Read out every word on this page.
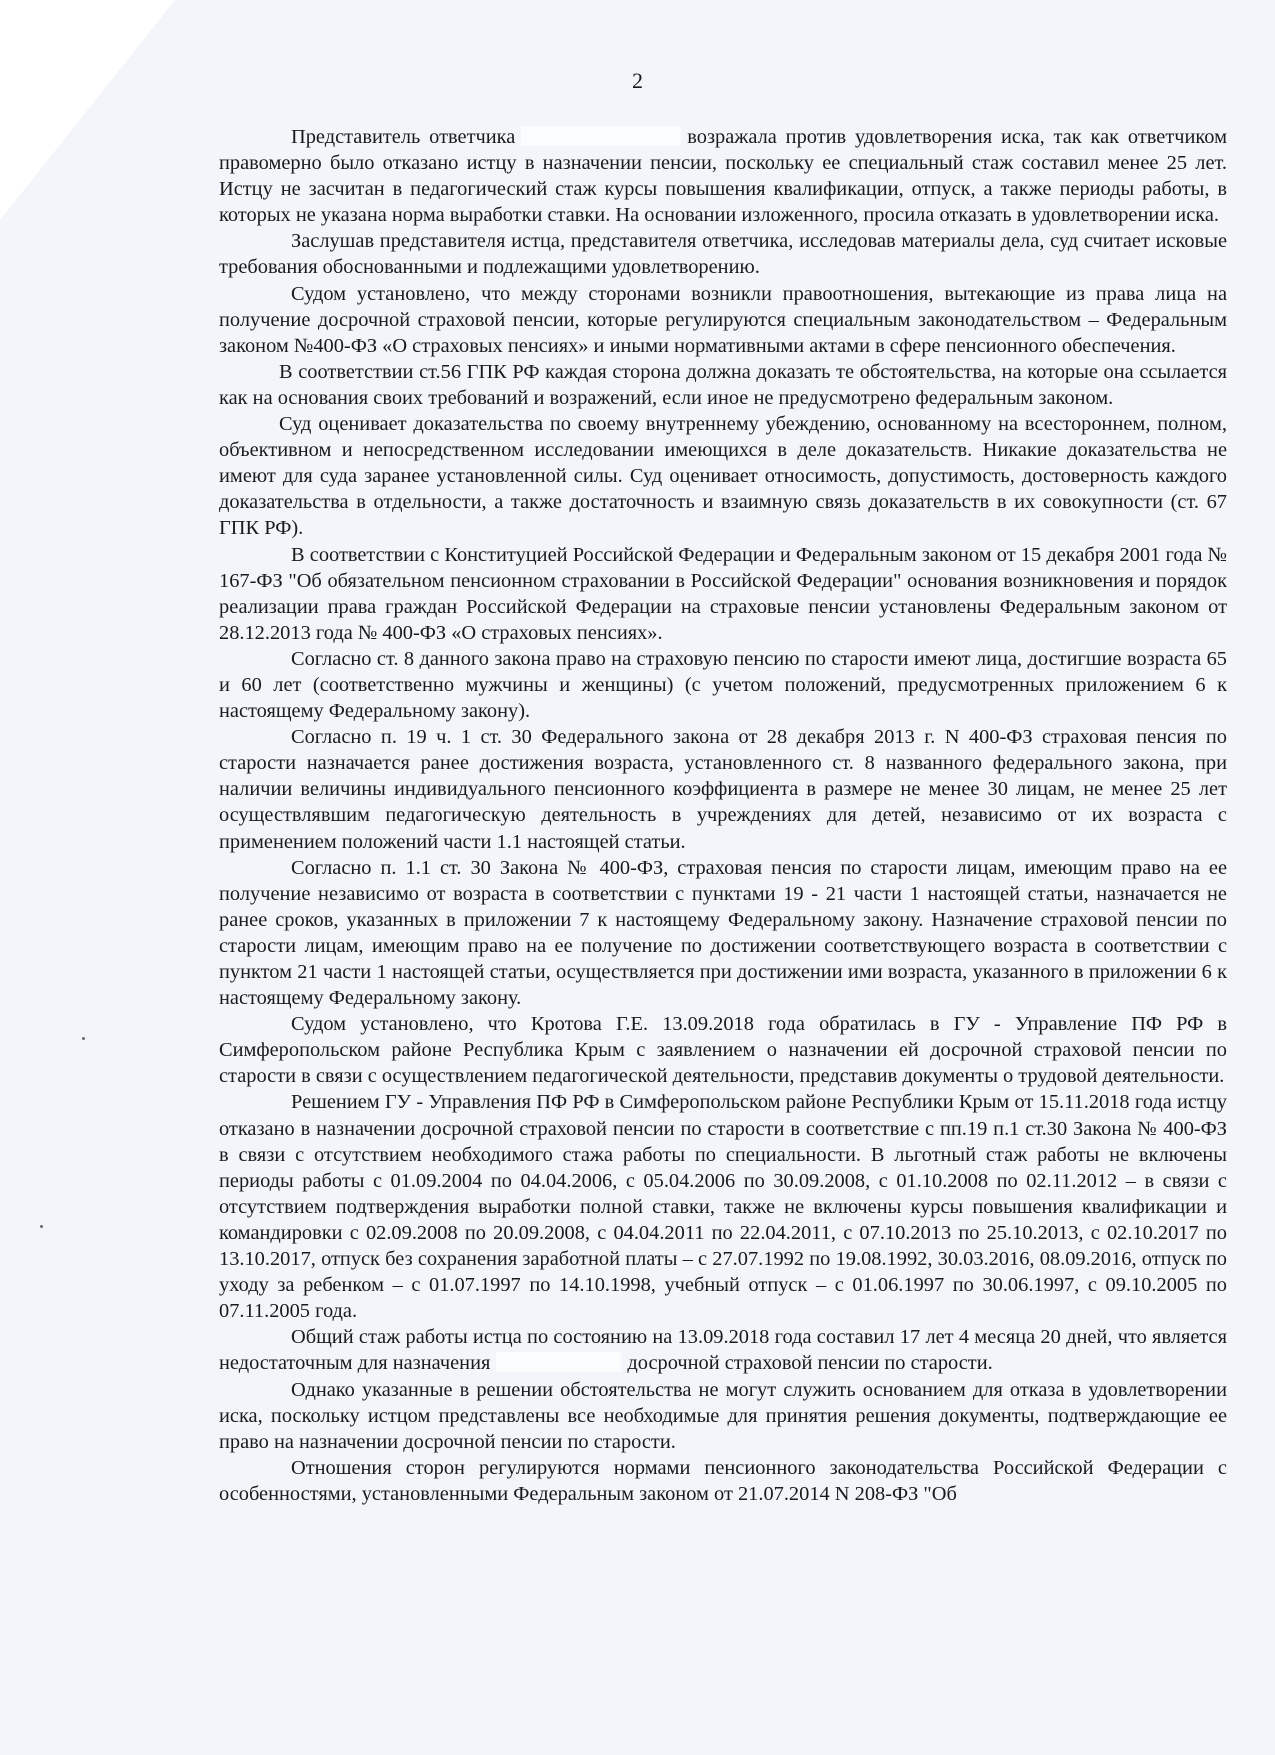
2

Представитель ответчика	возражала против удовлетворения иска, так как ответчиком правомерно было отказано истцу в назначении пенсии, поскольку ее специальный стаж составил менее 25 лет. Истцу не засчитан в педагогический стаж курсы повышения квалификации, отпуск, а также периоды работы, в которых не указана норма выработки ставки. На основании изложенного, просила отказать в удовлетворении иска.

Заслушав представителя истца, представителя ответчика, исследовав материалы дела, суд считает исковые требования обоснованными и подлежащими удовлетворению.

Судом установлено, что между сторонами возникли правоотношения, вытекающие из права лица на получение досрочной страховой пенсии, которые регулируются специальным законодательством – Федеральным законом №400-ФЗ «О страховых пенсиях» и иными нормативными актами в сфере пенсионного обеспечения.

В соответствии ст.56 ГПК РФ каждая сторона должна доказать те обстоятельства, на которые она ссылается как на основания своих требований и возражений, если иное не предусмотрено федеральным законом.

Суд оценивает доказательства по своему внутреннему убеждению, основанному на всестороннем, полном, объективном и непосредственном исследовании имеющихся в деле доказательств. Никакие доказательства не имеют для суда заранее установленной силы. Суд оценивает относимость, допустимость, достоверность каждого доказательства в отдельности, а также достаточность и взаимную связь доказательств в их совокупности (ст. 67 ГПК РФ).

В соответствии с Конституцией Российской Федерации и Федеральным законом от 15 декабря 2001 года № 167-ФЗ "Об обязательном пенсионном страховании в Российской Федерации" основания возникновения и порядок реализации права граждан Российской Федерации на страховые пенсии установлены Федеральным законом от 28.12.2013 года № 400-ФЗ «О страховых пенсиях».

Согласно ст. 8 данного закона право на страховую пенсию по старости имеют лица, достигшие возраста 65 и 60 лет (соответственно мужчины и женщины) (с учетом положений, предусмотренных приложением 6 к настоящему Федеральному закону).

Согласно п. 19 ч. 1 ст. 30 Федерального закона от 28 декабря 2013 г. N 400-ФЗ страховая пенсия по старости назначается ранее достижения возраста, установленного ст. 8 названного федерального закона, при наличии величины индивидуального пенсионного коэффициента в размере не менее 30 лицам, не менее 25 лет осуществлявшим педагогическую деятельность в учреждениях для детей, независимо от их возраста с применением положений части 1.1 настоящей статьи.

Согласно п. 1.1 ст. 30 Закона № 400-ФЗ, страховая пенсия по старости лицам, имеющим право на ее получение независимо от возраста в соответствии с пунктами 19 - 21 части 1 настоящей статьи, назначается не ранее сроков, указанных в приложении 7 к настоящему Федеральному закону. Назначение страховой пенсии по старости лицам, имеющим право на ее получение по достижении соответствующего возраста в соответствии с пунктом 21 части 1 настоящей статьи, осуществляется при достижении ими возраста, указанного в приложении 6 к настоящему Федеральному закону.

Судом установлено, что Кротова Г.Е. 13.09.2018 года обратилась в ГУ - Управление ПФ РФ в Симферопольском районе Республика Крым с заявлением о назначении ей досрочной страховой пенсии по старости в связи с осуществлением педагогической деятельности, представив документы о трудовой деятельности.

Решением ГУ - Управления ПФ РФ в Симферопольском районе Республики Крым от 15.11.2018 года истцу отказано в назначении досрочной страховой пенсии по старости в соответствие с пп.19 п.1 ст.30 Закона № 400-ФЗ в связи с отсутствием необходимого стажа работы по специальности. В льготный стаж работы не включены периоды работы с 01.09.2004 по 04.04.2006, с 05.04.2006 по 30.09.2008, с 01.10.2008 по 02.11.2012 – в связи с отсутствием подтверждения выработки полной ставки, также не включены курсы повышения квалификации и командировки с 02.09.2008 по 20.09.2008, с 04.04.2011 по 22.04.2011, с 07.10.2013 по 25.10.2013, с 02.10.2017 по 13.10.2017, отпуск без сохранения заработной платы – с 27.07.1992 по 19.08.1992, 30.03.2016, 08.09.2016, отпуск по уходу за ребенком – с 01.07.1997 по 14.10.1998, учебный отпуск – с 01.06.1997 по 30.06.1997, с 09.10.2005 по 07.11.2005 года.

Общий стаж работы истца по состоянию на 13.09.2018 года составил 17 лет 4 месяца 20 дней, что является недостаточным для назначения	досрочной страховой пенсии по старости.

Однако указанные в решении обстоятельства не могут служить основанием для отказа в удовлетворении иска, поскольку истцом представлены все необходимые для принятия решения документы, подтверждающие ее право на назначении досрочной пенсии по старости.

Отношения сторон регулируются нормами пенсионного законодательства Российской Федерации с особенностями, установленными Федеральным законом от 21.07.2014 N 208-ФЗ "Об
